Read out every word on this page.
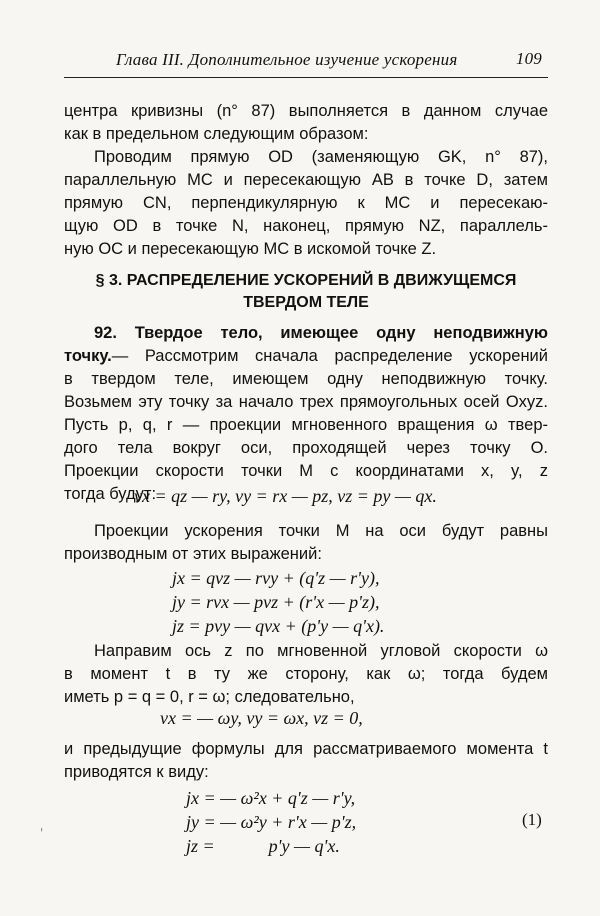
Глава III. Дополнительное изучение ускорения	109
центра кривизны (n° 87) выполняется в данном случае
как в предельном следующим образом:
Проводим прямую OD (заменяющую GK, n° 87),
параллельную MC и пересекающую AB в точке D, затем
прямую CN, перпендикулярную к MC и пересекаю-
щую OD в точке N, наконец, прямую NZ, параллель-
ную OC и пересекающую MC в искомой точке Z.
§ 3. РАСПРЕДЕЛЕНИЕ УСКОРЕНИЙ В ДВИЖУЩЕМСЯ
ТВЕРДОМ ТЕЛЕ
92. Твердое тело, имеющее одну неподвижную
точку.— Рассмотрим сначала распределение ускорений
в твердом теле, имеющем одну неподвижную точку.
Возьмем эту точку за начало трех прямоугольных осей Oxyz.
Пусть p, q, r — проекции мгновенного вращения ω твер-
дого тела вокруг оси, проходящей через точку O.
Проекции скорости точки M с координатами x, y, z
тогда будут:
vx = qz — ry, vy = rx — pz, vz = py — qx.
Проекции ускорения точки M на оси будут равны
производным от этих выражений:
jx = qvz — rvy + (q'z — r'y),
jy = rvx — pvz + (r'x — p'z),
jz = pvy — qvx + (p'y — q'x).
Направим ось z по мгновенной угловой скорости ω
в момент t в ту же сторону, как ω; тогда будем
иметь p = q = 0, r = ω; следовательно,
vx = — ωy, vy = ωx, vz = 0,
и предыдущие формулы для рассматриваемого момента t
приводятся к виду:
jx = — ω²x + q'z — r'y,
jy = — ω²y + r'x — p'z,
jz =            p'y — q'x.
(1)
'
